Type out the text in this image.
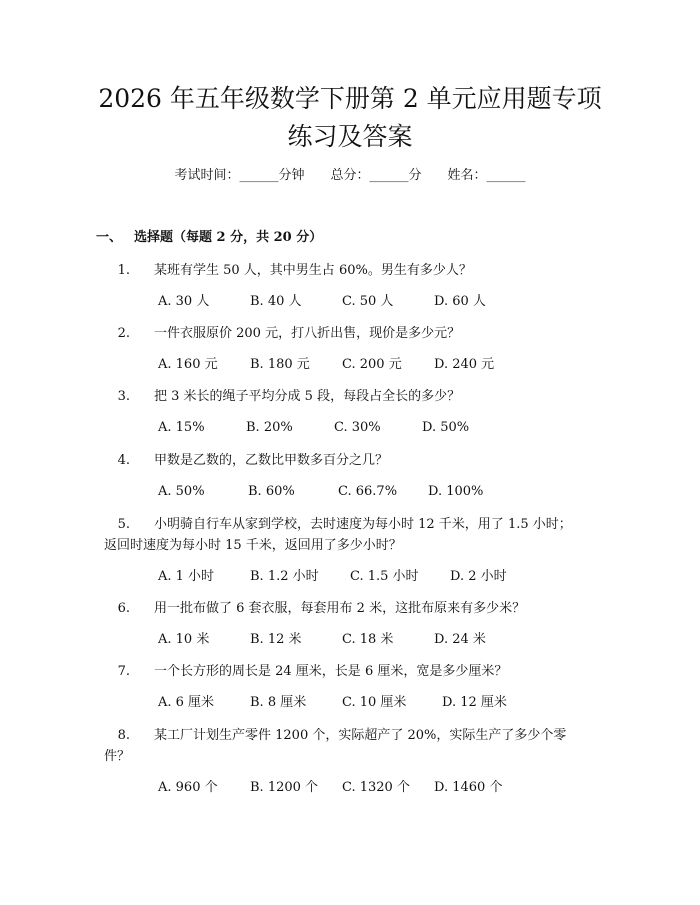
2026 年五年级数学下册第 2 单元应用题专项
练习及答案
考试时间：______分钟 总分：______分 姓名：______
一、 选择题（每题 2 分，共 20 分）
1. 某班有学生 50 人，其中男生占 60%。男生有多少人？
A. 30 人	B. 40 人	C. 50 人	D. 60 人
2. 一件衣服原价 200 元，打八折出售，现价是多少元？
A. 160 元 B. 180 元 C. 200 元 D. 240 元
3. 把 3 米长的绳子平均分成 5 段，每段占全长的多少？
A. 15%	B. 20%	C. 30%	D. 50%
4. 甲数是乙数的，乙数比甲数多百分之几？
A. 50%	B. 60%	C. 66.7% D. 100%
5. 小明骑自行车从家到学校，去时速度为每小时 12 千米，用了 1.5 小时；
返回时速度为每小时 15 千米，返回用了多少小时？
A. 1 小时	B. 1.2 小时 C. 1.5 小时 D. 2 小时
6. 用一批布做了 6 套衣服，每套用布 2 米，这批布原来有多少米？
A. 10 米	B. 12 米	C. 18 米	D. 24 米
7. 一个长方形的周长是 24 厘米，长是 6 厘米，宽是多少厘米？
A. 6 厘米	B. 8 厘米	C. 10 厘米	D. 12 厘米
8. 某工厂计划生产零件 1200 个，实际超产了 20%，实际生产了多少个零
件？
A. 960 个 B. 1200 个 C. 1320 个 D. 1460 个
